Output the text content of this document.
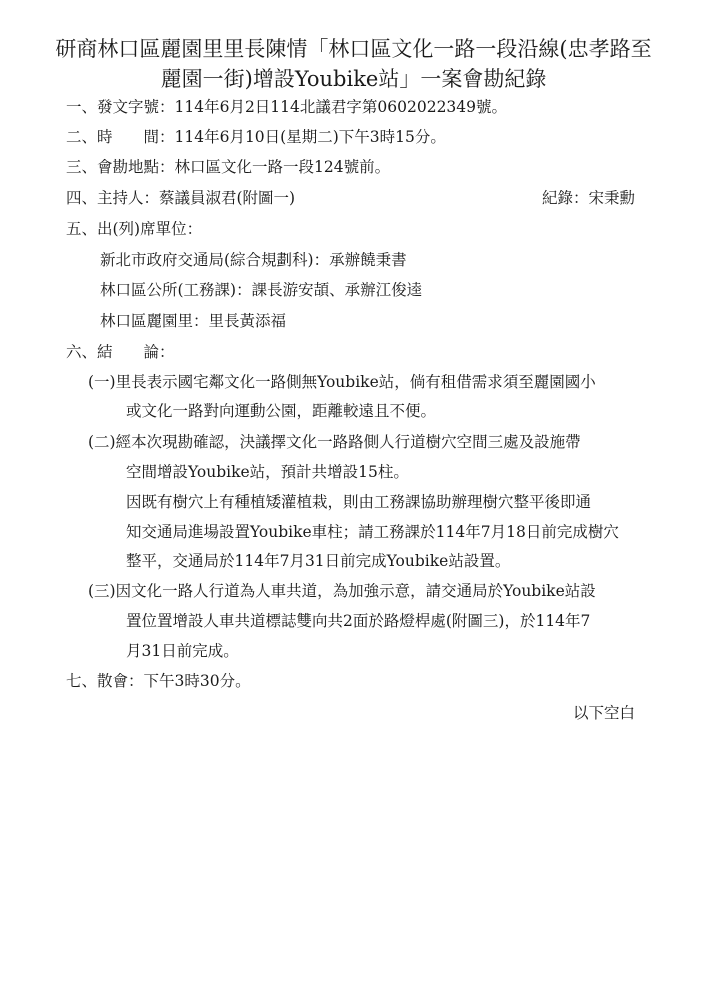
研商林口區麗園里里長陳情「林口區文化一路一段沿線(忠孝路至
麗園一街)增設Youbike站」一案會勘紀錄
一、發文字號：114年6月2日114北議君字第0602022349號。
二、時　　間：114年6月10日(星期二)下午3時15分。
三、會勘地點：林口區文化一路一段124號前。
四、主持人：蔡議員淑君(附圖一)	紀錄：宋秉勳
五、出(列)席單位：
新北市政府交通局(綜合規劃科)：承辦饒秉書
林口區公所(工務課)：課長游安頡、承辦江俊逵
林口區麗園里：里長黃添福
六、結　　論：
(一)里長表示國宅鄰文化一路側無Youbike站，倘有租借需求須至麗園國小
或文化一路對向運動公園，距離較遠且不便。
(二)經本次現勘確認，決議擇文化一路路側人行道樹穴空間三處及設施帶
空間增設Youbike站，預計共增設15柱。
因既有樹穴上有種植矮灌植栽，則由工務課協助辦理樹穴整平後即通
知交通局進場設置Youbike車柱；請工務課於114年7月18日前完成樹穴
整平，交通局於114年7月31日前完成Youbike站設置。
(三)因文化一路人行道為人車共道，為加強示意，請交通局於Youbike站設
置位置增設人車共道標誌雙向共2面於路燈桿處(附圖三)，於114年7
月31日前完成。
七、散會：下午3時30分。
以下空白
